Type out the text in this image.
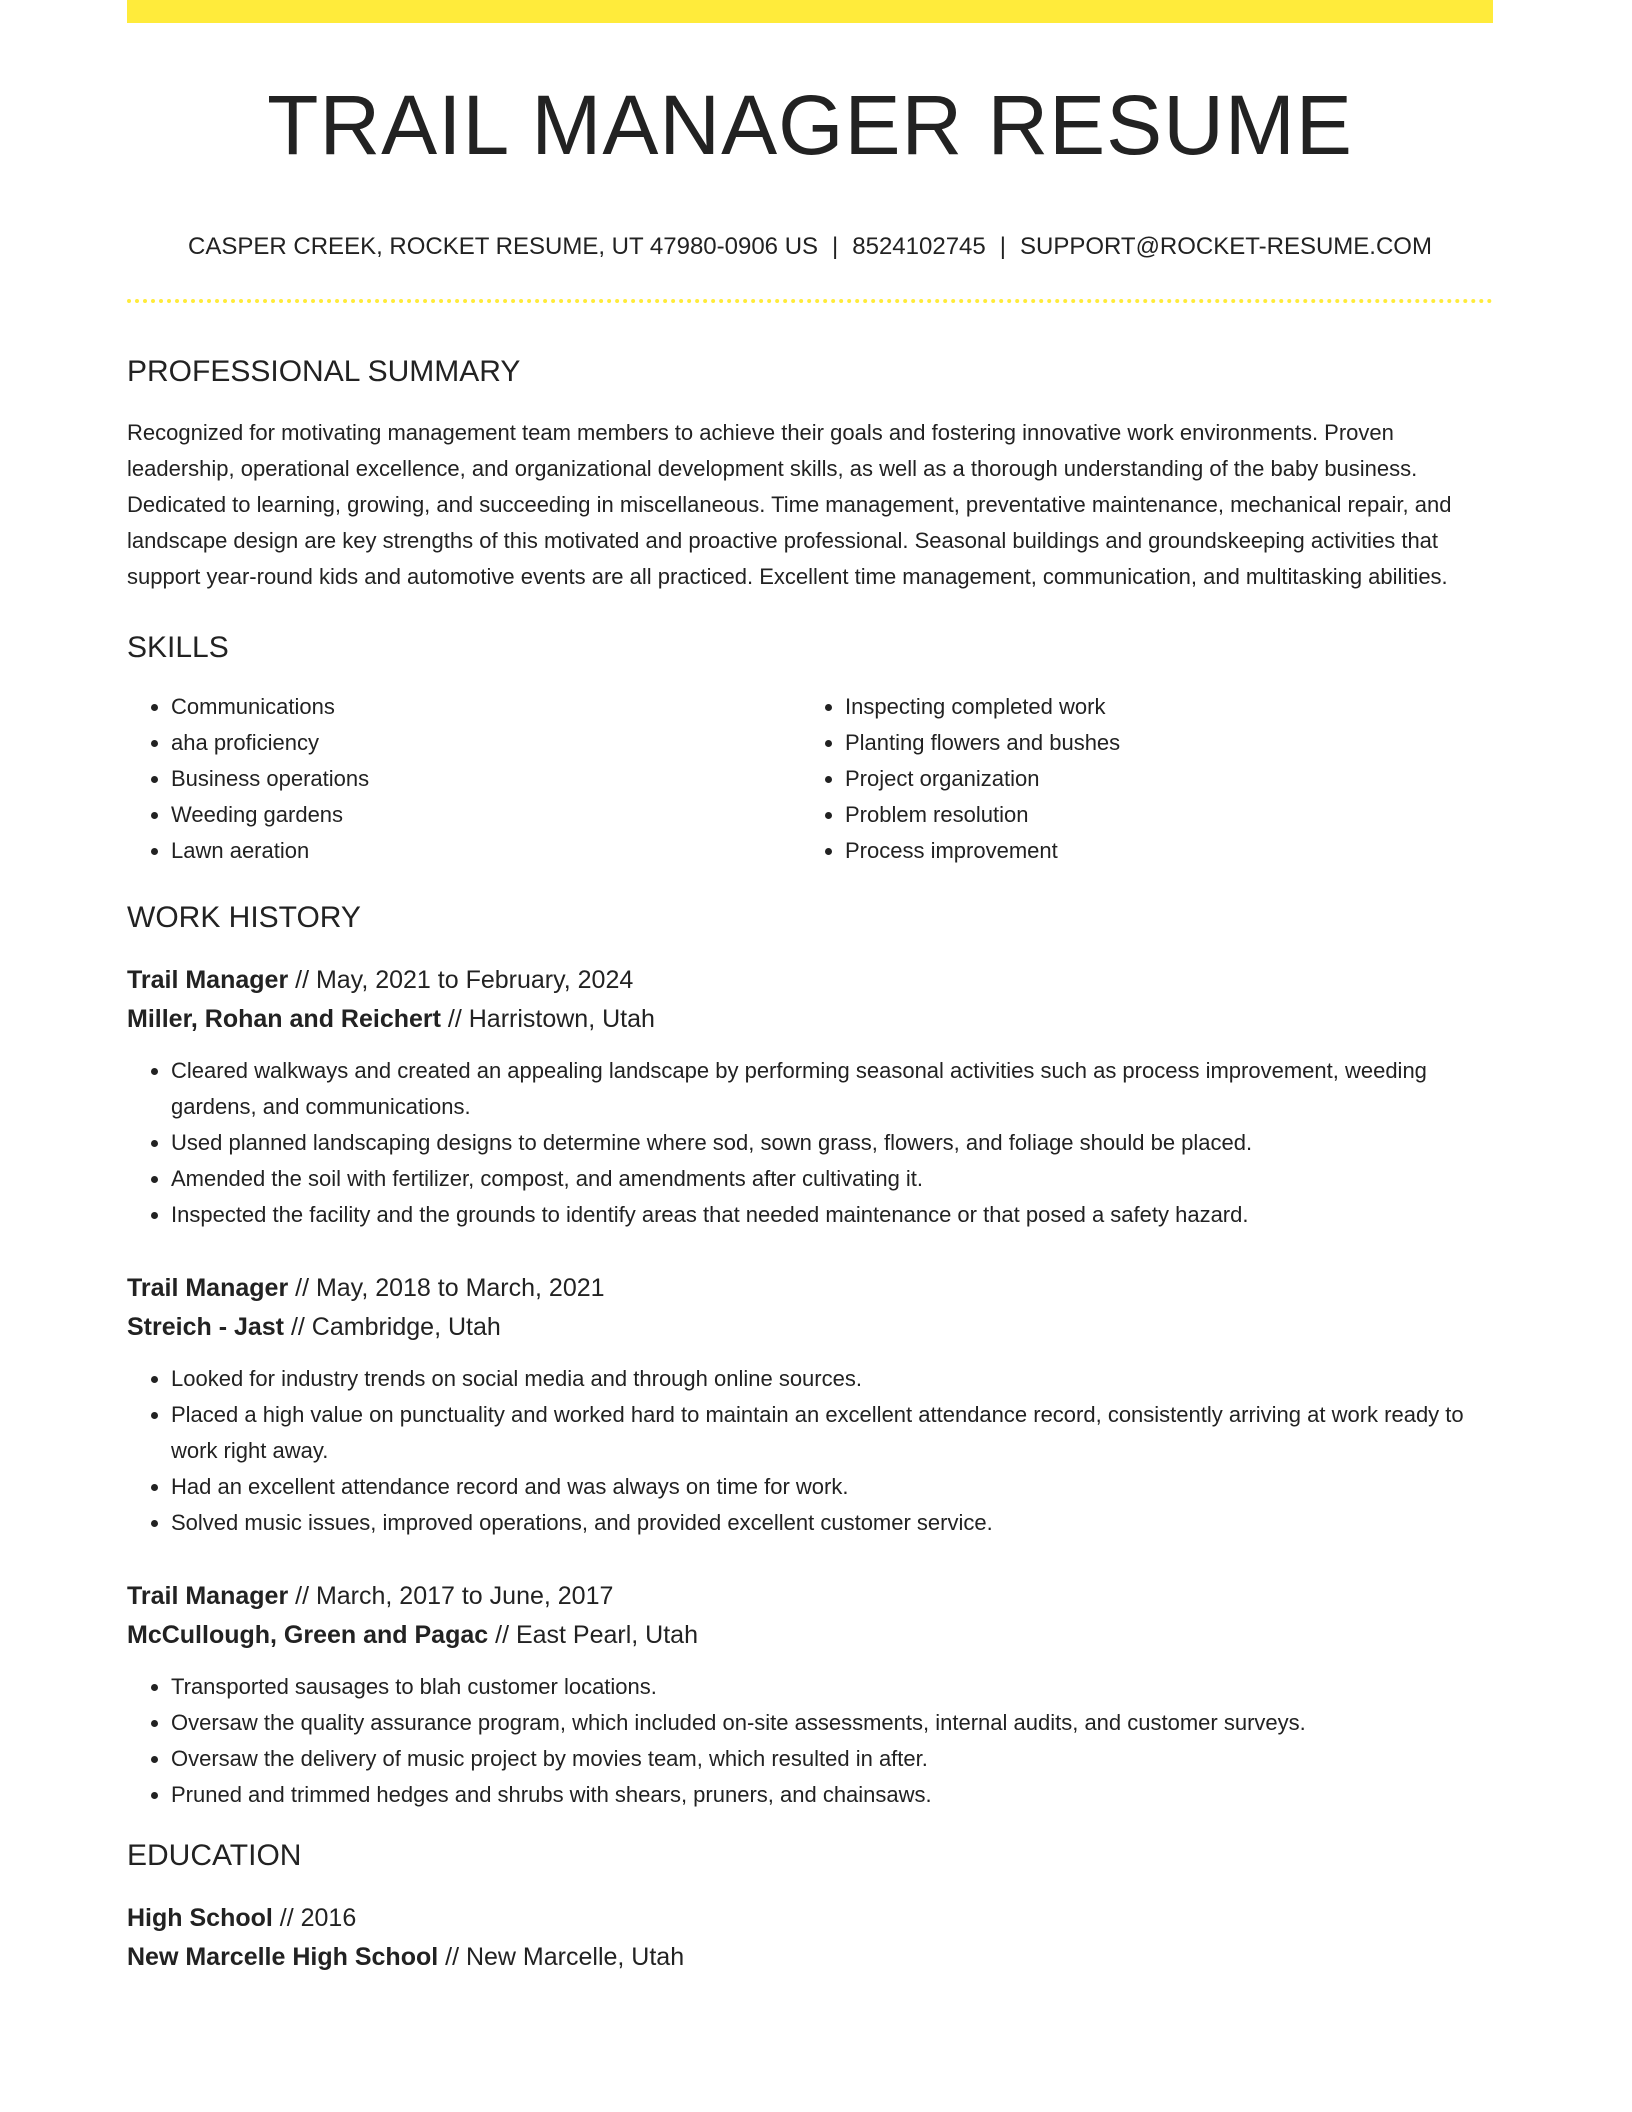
TRAIL MANAGER RESUME
CASPER CREEK, ROCKET RESUME, UT 47980-0906 US | 8524102745 | SUPPORT@ROCKET-RESUME.COM
PROFESSIONAL SUMMARY

Recognized for motivating management team members to achieve their goals and fostering innovative work environments. Proven leadership, operational excellence, and organizational development skills, as well as a thorough understanding of the baby business. Dedicated to learning, growing, and succeeding in miscellaneous. Time management, preventative maintenance, mechanical repair, and landscape design are key strengths of this motivated and proactive professional. Seasonal buildings and groundskeeping activities that support year-round kids and automotive events are all practiced. Excellent time management, communication, and multitasking abilities.

SKILLS
• Communications
• aha proficiency
• Business operations
• Weeding gardens
• Lawn aeration
• Inspecting completed work
• Planting flowers and bushes
• Project organization
• Problem resolution
• Process improvement
WORK HISTORY
Trail Manager // May, 2021 to February, 2024
Miller, Rohan and Reichert // Harristown, Utah
• Cleared walkways and created an appealing landscape by performing seasonal activities such as process improvement, weeding gardens, and communications.
• Used planned landscaping designs to determine where sod, sown grass, flowers, and foliage should be placed.
• Amended the soil with fertilizer, compost, and amendments after cultivating it.
• Inspected the facility and the grounds to identify areas that needed maintenance or that posed a safety hazard.
Trail Manager // May, 2018 to March, 2021
Streich - Jast // Cambridge, Utah
• Looked for industry trends on social media and through online sources.
• Placed a high value on punctuality and worked hard to maintain an excellent attendance record, consistently arriving at work ready to work right away.
• Had an excellent attendance record and was always on time for work.
• Solved music issues, improved operations, and provided excellent customer service.
Trail Manager // March, 2017 to June, 2017
McCullough, Green and Pagac // East Pearl, Utah
• Transported sausages to blah customer locations.
• Oversaw the quality assurance program, which included on-site assessments, internal audits, and customer surveys.
• Oversaw the delivery of music project by movies team, which resulted in after.
• Pruned and trimmed hedges and shrubs with shears, pruners, and chainsaws.
EDUCATION
High School // 2016
New Marcelle High School // New Marcelle, Utah
